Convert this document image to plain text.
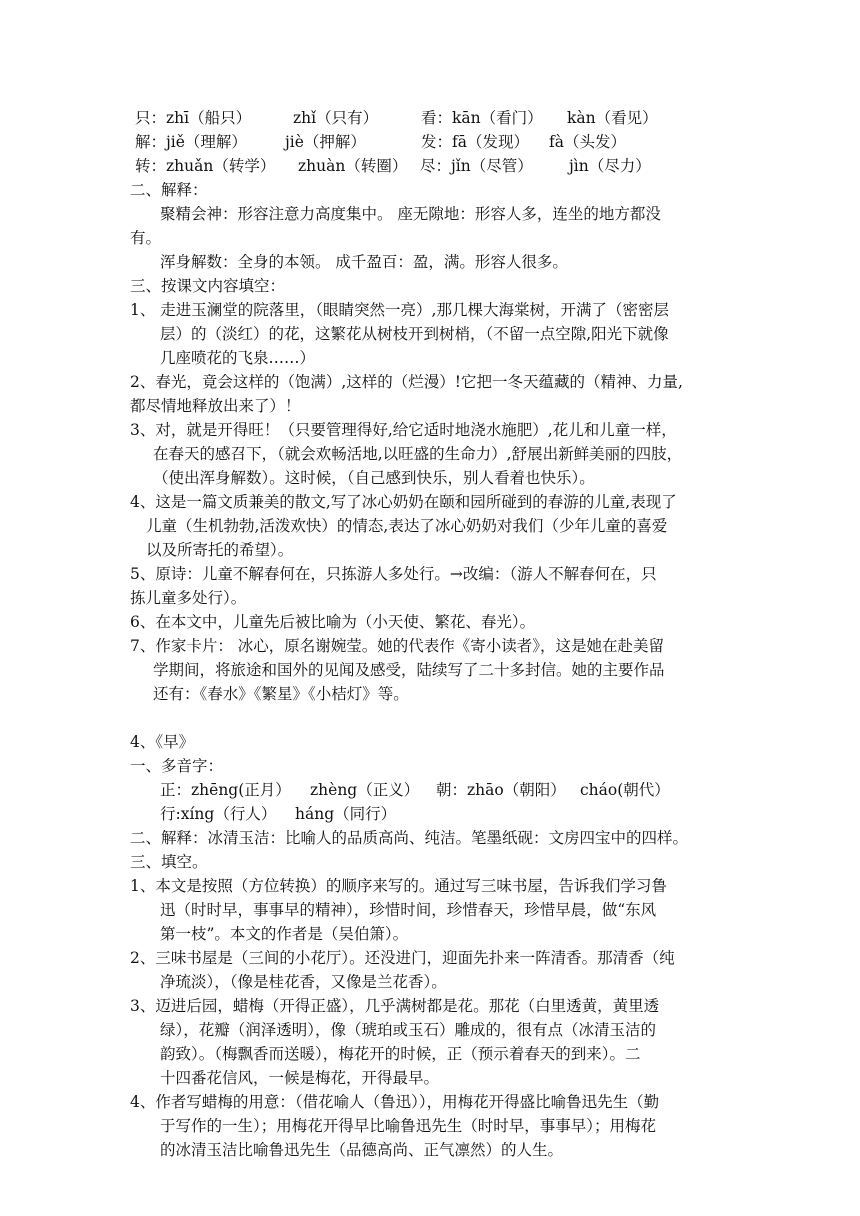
只：zhī（船只）	zhǐ（只有）	看：kān（看门） kàn（看见）
解：jiě（理解） jiè（押解）	发：fā（发现） fà（头发）
转：zhuǎn（转学） zhuàn（转圈） 尽：jǐn（尽管） jìn（尽力）
二、解释：
聚精会神：形容注意力高度集中。 座无隙地：形容人多，连坐的地方都没
有。
浑身解数：全身的本领。 成千盈百：盈，满。形容人很多。
三、按课文内容填空：
1、 走进玉澜堂的院落里，（眼睛突然一亮）,那几棵大海棠树，开满了（密密层
层）的（淡红）的花，这繁花从树枝开到树梢，（不留一点空隙,阳光下就像
几座喷花的飞泉……）
2、春光，竟会这样的（饱满）,这样的（烂漫）!它把一冬天蕴藏的（精神、力量,
都尽情地释放出来了）！
3、对，就是开得旺！（只要管理得好,给它适时地浇水施肥）,花儿和儿童一样，
在春天的感召下，（就会欢畅活地,以旺盛的生命力）,舒展出新鲜美丽的四肢，
（使出浑身解数）。这时候，（自己感到快乐，别人看着也快乐）。
4、这是一篇文质兼美的散文,写了冰心奶奶在颐和园所碰到的春游的儿童,表现了
儿童（生机勃勃,活泼欢快）的情态,表达了冰心奶奶对我们（少年儿童的喜爱
以及所寄托的希望）。
5、原诗：儿童不解春何在，只拣游人多处行。→改编：（游人不解春何在，只
拣儿童多处行）。
6、在本文中，儿童先后被比喻为（小天使、繁花、春光）。
7、作家卡片： 冰心，原名谢婉莹。她的代表作《寄小读者》，这是她在赴美留
学期间，将旅途和国外的见闻及感受，陆续写了二十多封信。她的主要作品
还有：《春水》《繁星》《小桔灯》等。
4、《早》
一、多音字：
正：zhēng(正月） zhèng（正义） 朝：zhāo（朝阳） cháo(朝代）
行:xíng（行人） háng（同行）
二、解释：冰清玉洁：比喻人的品质高尚、纯洁。笔墨纸砚：文房四宝中的四样。
三、填空。
1、本文是按照（方位转换）的顺序来写的。通过写三味书屋，告诉我们学习鲁
迅（时时早，事事早的精神），珍惜时间，珍惜春天，珍惜早晨，做“东风
第一枝”。本文的作者是（吴伯箫）。
2、三味书屋是（三间的小花厅）。还没进门，迎面先扑来一阵清香。那清香（纯
净琉淡），（像是桂花香，又像是兰花香）。
3、迈进后园，蜡梅（开得正盛），几乎满树都是花。那花（白里透黄，黄里透
绿），花瓣（润泽透明），像（琥珀或玉石）雕成的，很有点（冰清玉洁的
韵致）。（梅飘香而送暖），梅花开的时候，正（预示着春天的到来）。二
十四番花信风，一候是梅花，开得最早。
4、作者写蜡梅的用意：（借花喻人（鲁迅）），用梅花开得盛比喻鲁迅先生（勤
于写作的一生）；用梅花开得早比喻鲁迅先生（时时早，事事早）；用梅花
的冰清玉洁比喻鲁迅先生（品德高尚、正气凛然）的人生。
